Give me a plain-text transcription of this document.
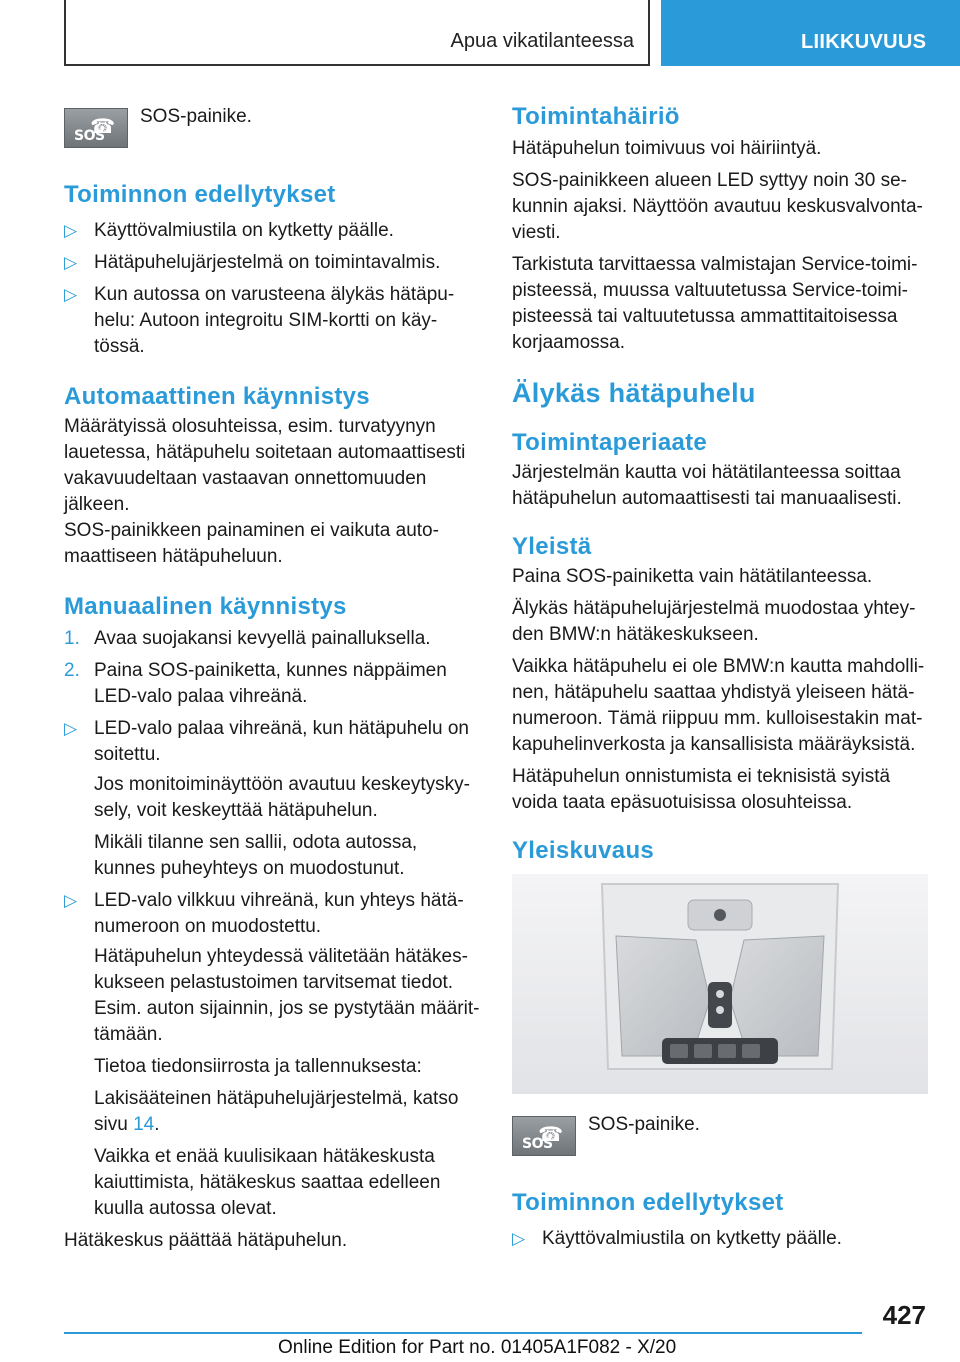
Apua vikatilanteessa	LIIKKUVUUS
☎
SOS
SOS-painike.
Toiminnon edellytykset
▷ Käyttövalmiustila on kytketty päälle.
▷ Hätäpuhelujärjestelmä on toimintavalmis.
▷ Kun autossa on varusteena älykäs hätäpuhelu: Autoon integroitu SIM-kortti on käytössä.
Automaattinen käynnistys

Määrätyissä olosuhteissa, esim. turvatyynyn lauetessa, hätäpuhelu soitetaan automaattisesti vakavuudeltaan vastaavan onnettomuuden jälkeen.

SOS-painikkeen painaminen ei vaikuta automaattiseen hätäpuheluun.

Manuaalinen käynnistys
1. Avaa suojakansi kevyellä painalluksella.
2. Paina SOS-painiketta, kunnes näppäimen LED-valo palaa vihreänä.
▷ LED-valo palaa vihreänä, kun hätäpuhelu on soitettu.
Jos monitoiminäyttöön avautuu keskeytyskysely, voit keskeyttää hätäpuhelun.
Mikäli tilanne sen sallii, odota autossa, kunnes puheyhteys on muodostunut.
▷ LED-valo vilkkuu vihreänä, kun yhteys hätänumeroon on muodostettu.
Hätäpuhelun yhteydessä välitetään hätäkeskukseen pelastustoimen tarvitsemat tiedot. Esim. auton sijainnin, jos se pystytään määrittämään.
Tietoa tiedonsiirrosta ja tallennuksesta:
Lakisääteinen hätäpuhelujärjestelmä, katso sivu 14.
Vaikka et enää kuulisikaan hätäkeskusta kaiuttimista, hätäkeskus saattaa edelleen kuulla autossa olevat.

Hätäkeskus päättää hätäpuhelun.

Toimintahäiriö

Hätäpuhelun toimivuus voi häiriintyä.

SOS-painikkeen alueen LED syttyy noin 30 sekunnin ajaksi. Näyttöön avautuu keskusvalvontaviesti.

Tarkistuta tarvittaessa valmistajan Service-toimipisteessä, muussa valtuutetussa Service-toimipisteessä tai valtuutetussa ammattitaitoisessa korjaamossa.

Älykäs hätäpuhelu
Toimintaperiaate

Järjestelmän kautta voi hätätilanteessa soittaa hätäpuhelun automaattisesti tai manuaalisesti.

Yleistä

Paina SOS-painiketta vain hätätilanteessa.

Älykäs hätäpuhelujärjestelmä muodostaa yhteyden BMW:n hätäkeskukseen.

Vaikka hätäpuhelu ei ole BMW:n kautta mahdollinen, hätäpuhelu saattaa yhdistyä yleiseen hätänumeroon. Tämä riippuu mm. kulloisestakin matkapuhelinverkosta ja kansallisista määräyksistä.

Hätäpuhelun onnistumista ei teknisistä syistä voida taata epäsuotuisissa olosuhteissa.

Yleiskuvaus
☎
SOS
SOS-painike.
Toiminnon edellytykset
▷ Käyttövalmiustila on kytketty päälle.
427
Online Edition for Part no. 01405A1F082 - X/20
